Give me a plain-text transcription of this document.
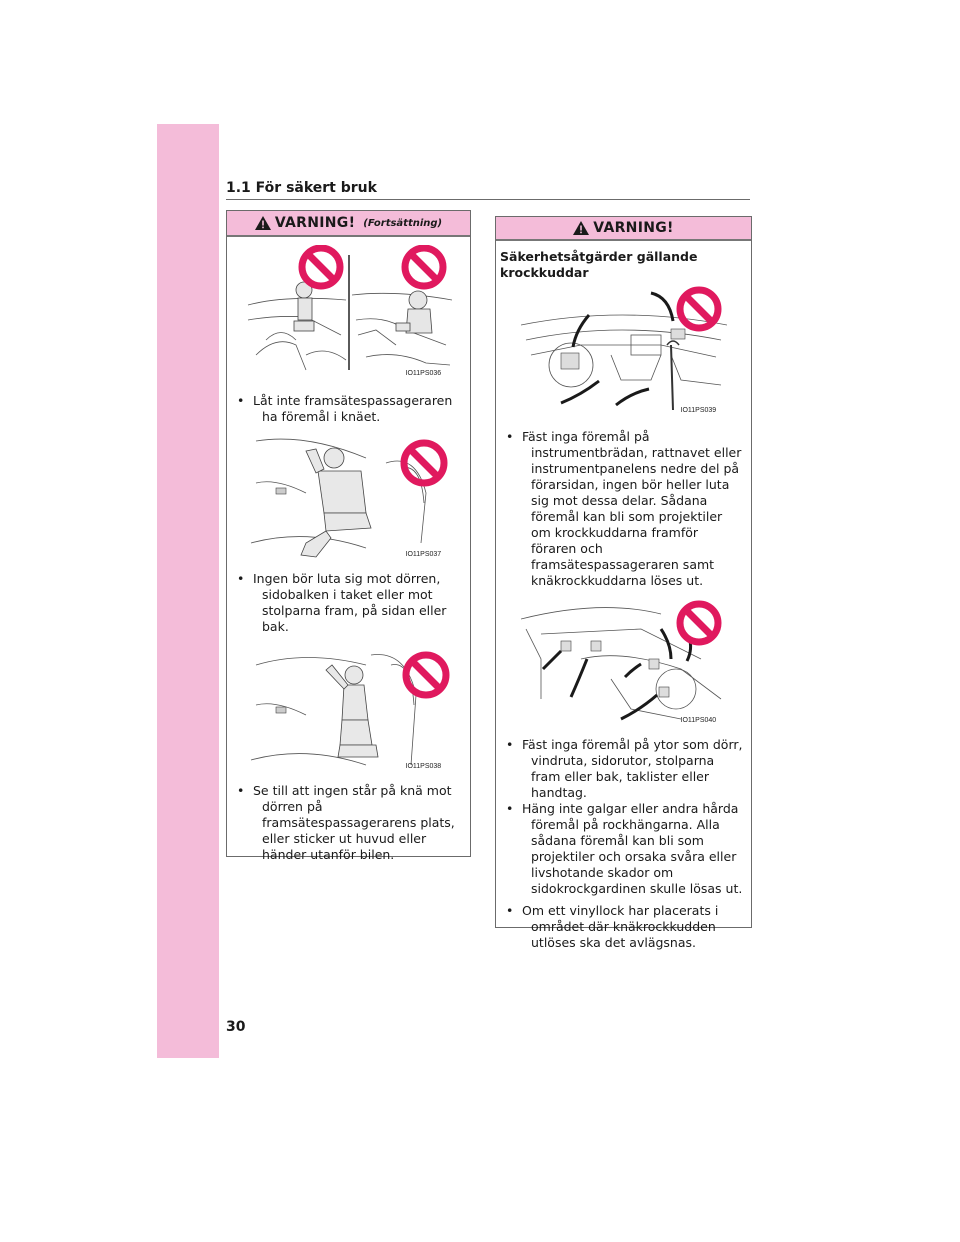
1.1 För säkert bruk
VARNING! (Fortsättning)
IO11PS036
• Låt inte framsätespassageraren ha föremål i knäet.
IO11PS037
• Ingen bör luta sig mot dörren, sidobalken i taket eller mot stolparna fram, på sidan eller bak.
IO11PS038
• Se till att ingen står på knä mot dörren på framsätespassagerarens plats, eller sticker ut huvud eller händer utanför bilen.
VARNING!
Säkerhetsåtgärder gällande krockkuddar
IO11PS039
• Fäst inga föremål på instrumentbrädan, rattnavet eller instrumentpanelens nedre del på förarsidan, ingen bör heller luta sig mot dessa delar. Sådana föremål kan bli som projektiler om krockkuddarna framför föraren och framsätespassageraren samt knäkrockkuddarna löses ut.
IO11PS040
• Fäst inga föremål på ytor som dörr, vindruta, sidorutor, stolparna fram eller bak, taklister eller handtag.
• Häng inte galgar eller andra hårda föremål på rockhängarna. Alla sådana föremål kan bli som projektiler och orsaka svåra eller livshotande skador om sidokrockgardinen skulle lösas ut.
• Om ett vinyllock har placerats i området där knäkrockkudden utlöses ska det avlägsnas.
30
